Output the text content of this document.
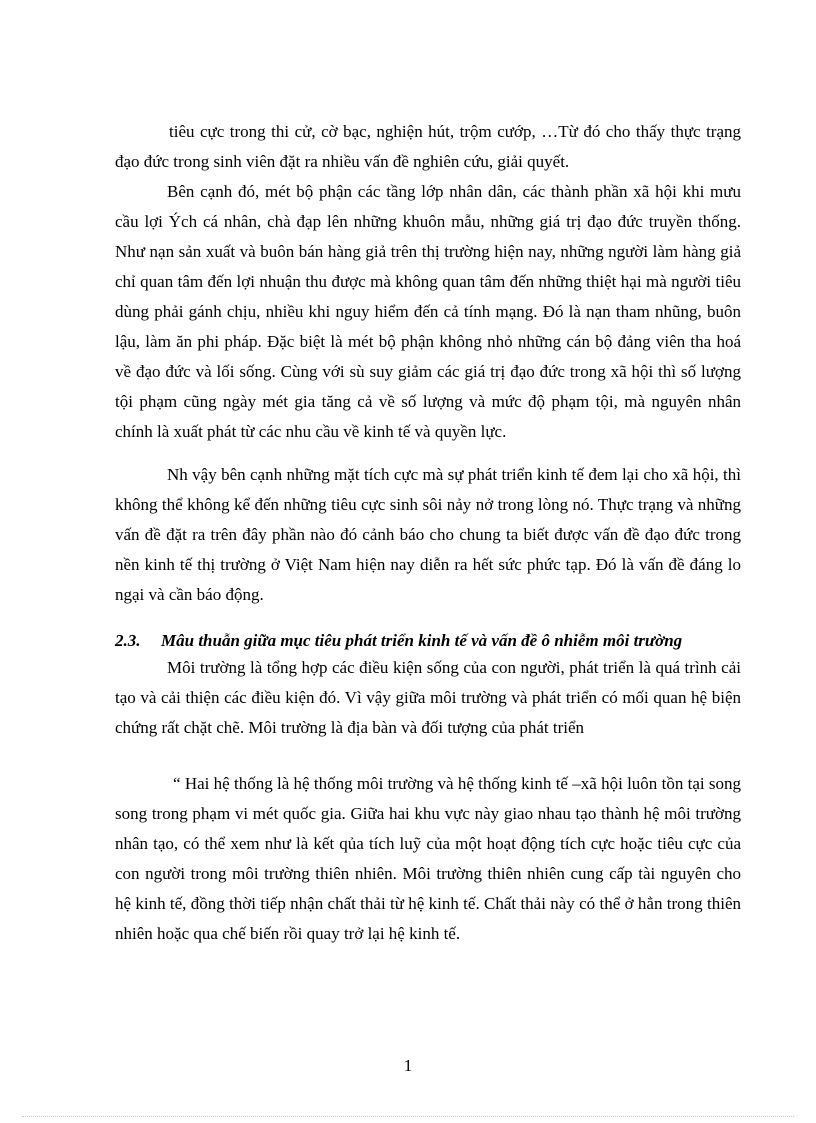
tiêu cực trong thi cử, cờ bạc, nghiện hút, trộm cướp, …Từ đó cho thấy thực trạng đạo đức trong sinh viên đặt ra nhiều vấn đề nghiên cứu, giải quyết.

Bên cạnh đó, mét bộ phận các tầng lớp nhân dân, các thành phần xã hội khi mưu cầu lợi Ých cá nhân, chà đạp lên những khuôn mẫu, những giá trị đạo đức truyền thống. Như nạn sản xuất và buôn bán hàng giả trên thị trường hiện nay, những người làm hàng giả chỉ quan tâm đến lợi nhuận thu được mà không quan tâm đến những thiệt hại mà người tiêu dùng phải gánh chịu, nhiều khi nguy hiểm đến cả tính mạng. Đó là nạn tham nhũng, buôn lậu, làm ăn phi pháp. Đặc biệt là mét bộ phận không nhỏ những cán bộ đảng viên tha hoá về đạo đức và lối sống. Cùng với sù suy giảm các giá trị đạo đức trong xã hội thì số lượng tội phạm cũng ngày mét gia tăng cả về số lượng và mức độ phạm tội, mà nguyên nhân chính là xuất phát từ các nhu cầu về kinh tế và quyền lực.

Nh vậy bên cạnh những mặt tích cực mà sự phát triển kinh tế đem lại cho xã hội, thì không thể không kể đến những tiêu cực sinh sôi nảy nở trong lòng nó. Thực trạng và những vấn đề đặt ra trên đây phần nào đó cảnh báo cho chung ta biết được vấn đề đạo đức trong nền kinh tế thị trường ở Việt Nam hiện nay diễn ra hết sức phức tạp. Đó là vấn đề đáng lo ngại và cần báo động.

2.3. Mâu thuẫn giữa mục tiêu phát triển kinh tế và vấn đề ô nhiễm môi trường

Môi trường là tổng hợp các điều kiện sống của con người, phát triển là quá trình cải tạo và cải thiện các điều kiện đó. Vì vậy giữa môi trường và phát triển có mối quan hệ biện chứng rất chặt chẽ. Môi trường là địa bàn và đối tượng của phát triển

“ Hai hệ thống là hệ thống môi trường và hệ thống kinh tế –xã hội luôn tồn tại song song trong phạm vi mét quốc gia. Giữa hai khu vực này giao nhau tạo thành hệ môi trường nhân tạo, có thể xem như là kết qủa tích luỹ của một hoạt động tích cực hoặc tiêu cực của con người trong môi trường thiên nhiên. Môi trường thiên nhiên cung cấp tài nguyên cho hệ kinh tế, đồng thời tiếp nhận chất thải từ hệ kinh tế. Chất thải này có thể ở hẳn trong thiên nhiên hoặc qua chế biến rồi quay trở lại hệ kinh tế.

1
